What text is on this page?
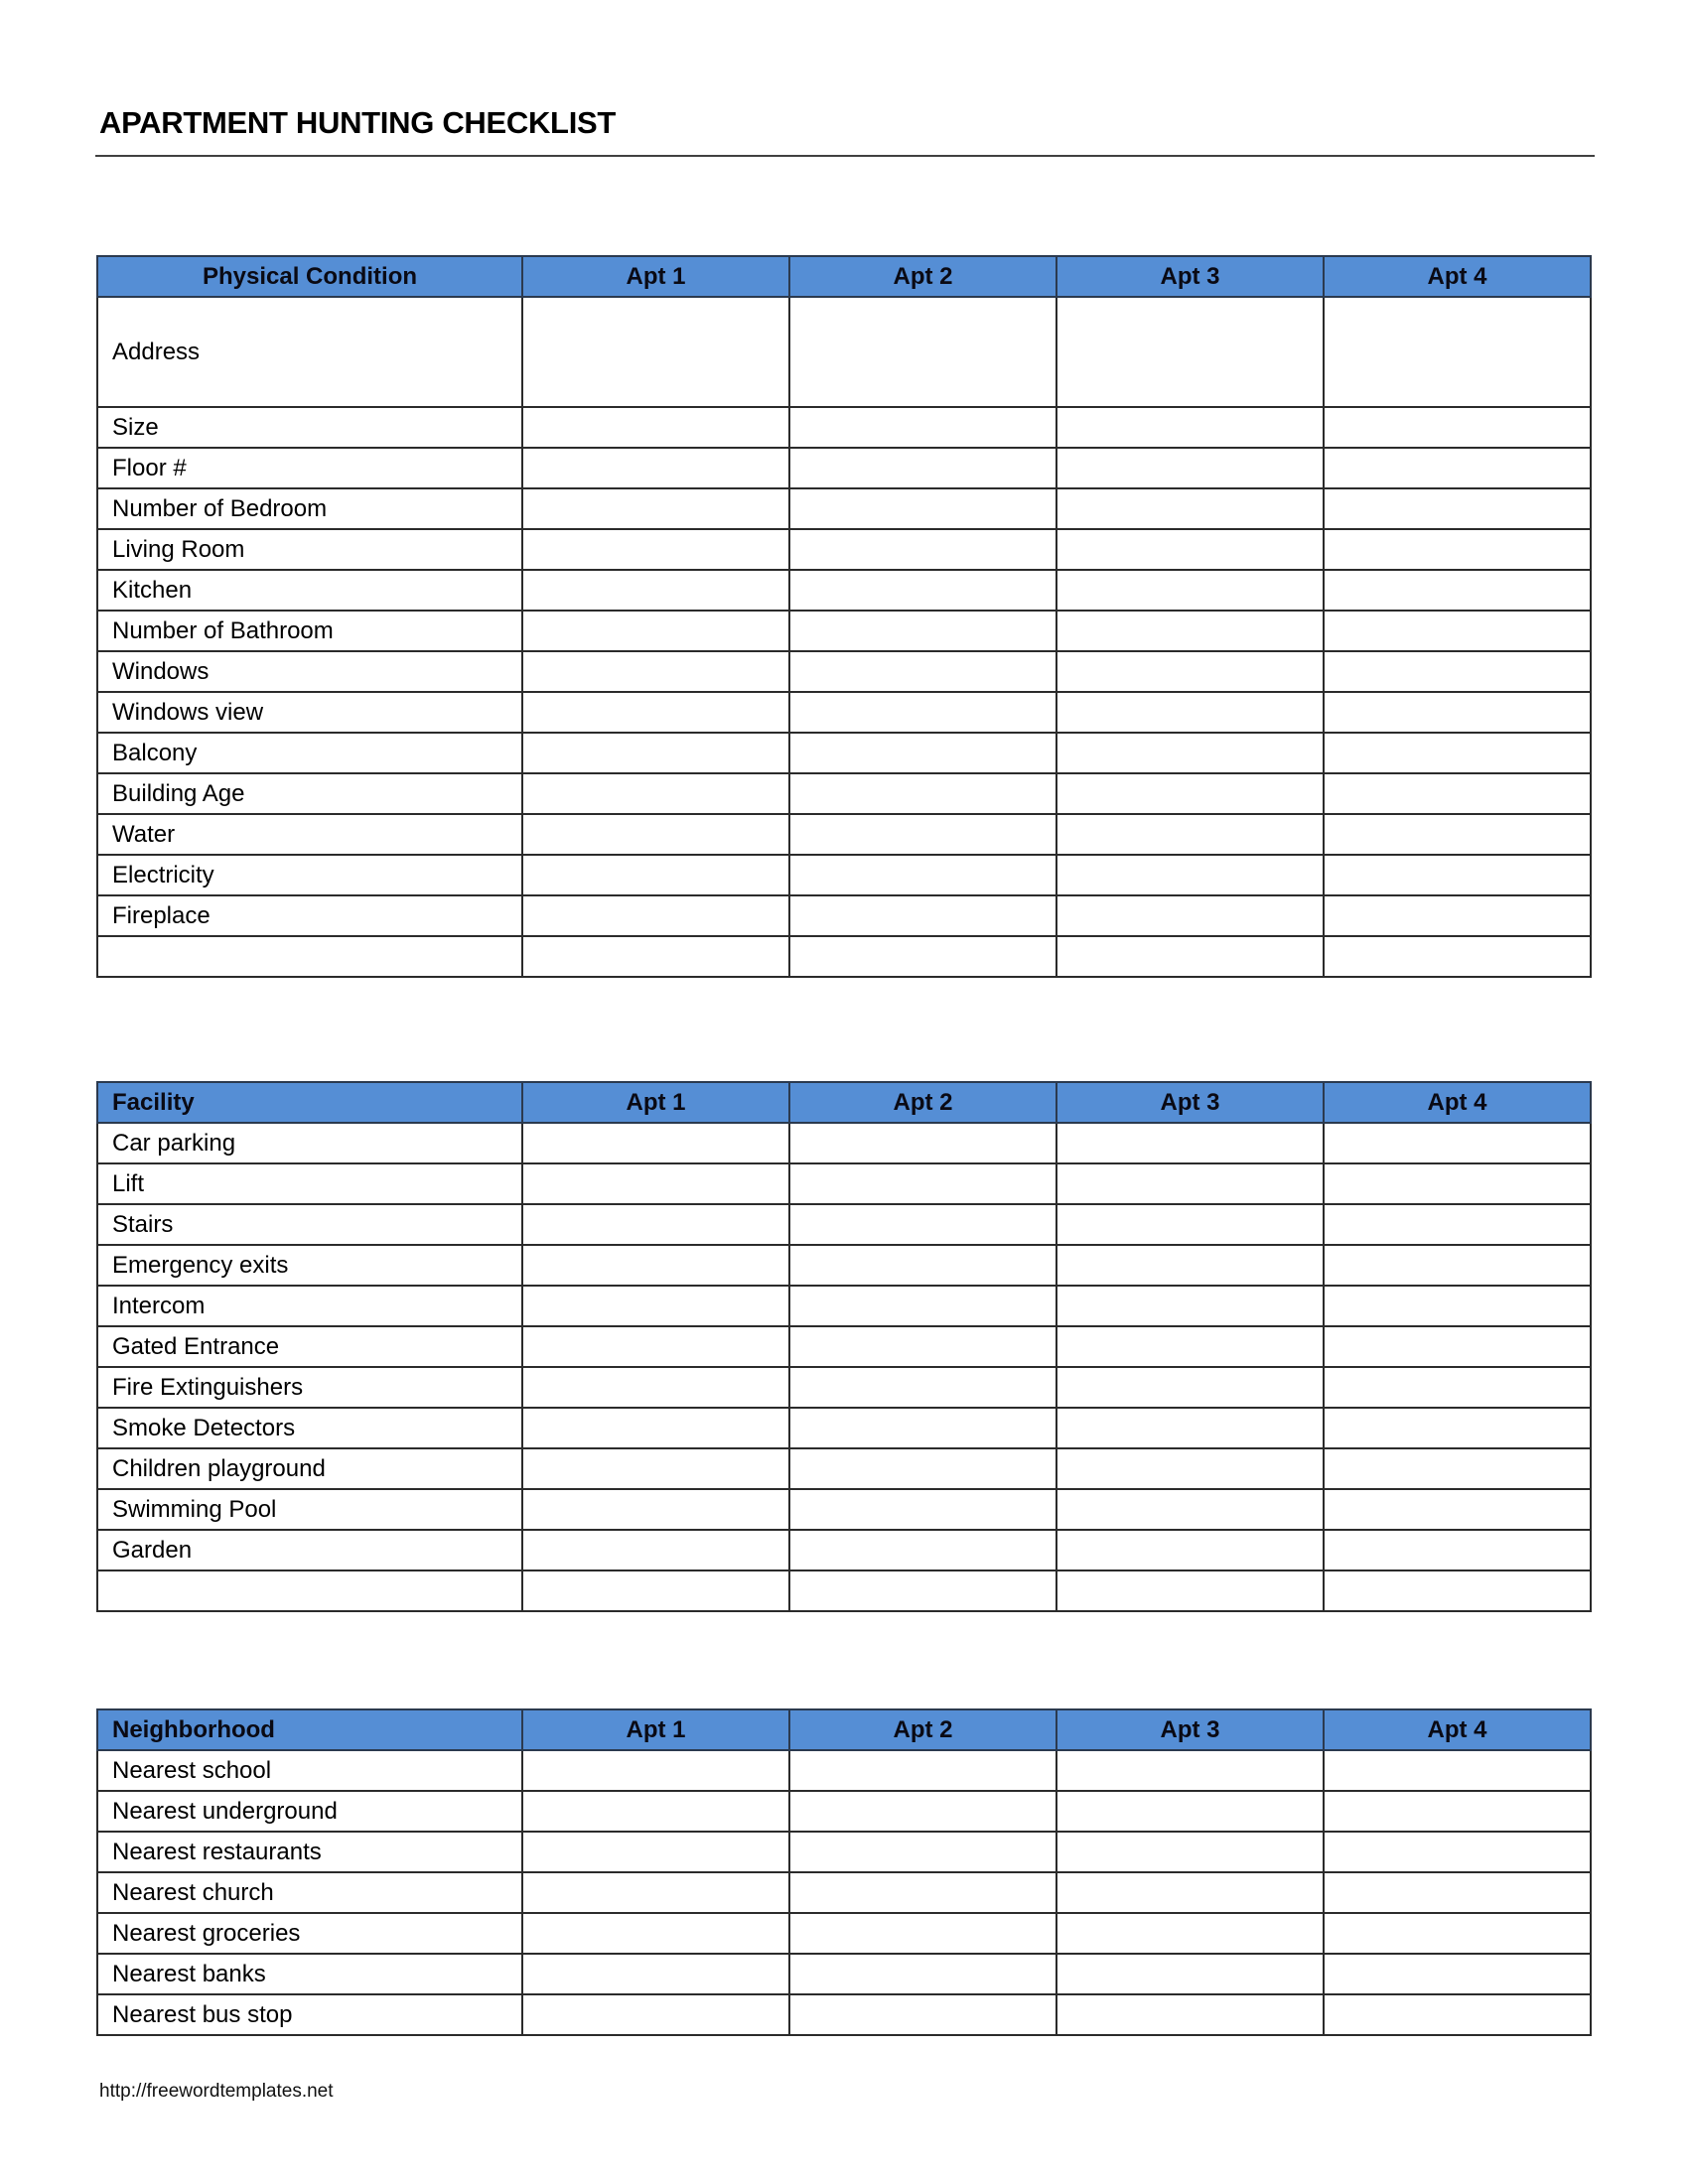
APARTMENT HUNTING CHECKLIST
Physical Condition	Apt 1	Apt 2	Apt 3	Apt 4
Address				
Size				
Floor #				
Number of Bedroom				
Living Room				
Kitchen				
Number of Bathroom				
Windows				
Windows view				
Balcony				
Building Age				
Water				
Electricity				
Fireplace				

Facility	Apt 1	Apt 2	Apt 3	Apt 4
Car parking				
Lift				
Stairs				
Emergency exits				
Intercom				
Gated Entrance				
Fire Extinguishers				
Smoke Detectors				
Children playground				
Swimming Pool				
Garden				

Neighborhood	Apt 1	Apt 2	Apt 3	Apt 4
Nearest school				
Nearest underground				
Nearest restaurants				
Nearest church				
Nearest groceries				
Nearest banks				
Nearest bus stop				
http://freewordtemplates.net
